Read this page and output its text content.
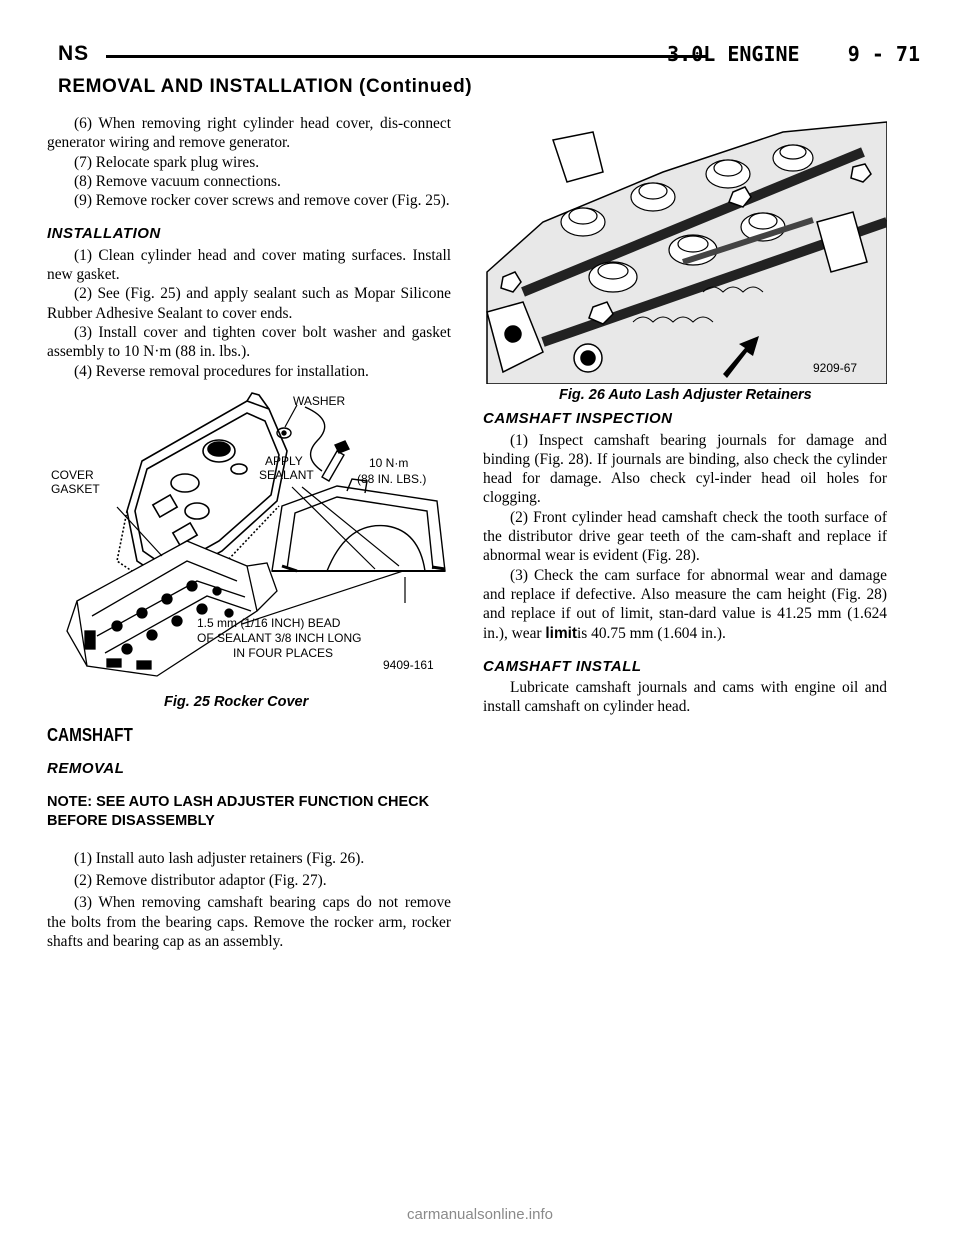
NS	3.0L ENGINE    9 - 71
REMOVAL AND INSTALLATION (Continued)

(6) When removing right cylinder head cover, dis-connect generator wiring and remove generator.

(7) Relocate spark plug wires.

(8) Remove vacuum connections.

(9) Remove rocker cover screws and remove cover (Fig. 25).

INSTALLATION

(1) Clean cylinder head and cover mating surfaces. Install new gasket.

(2) See (Fig. 25) and apply sealant such as Mopar Silicone Rubber Adhesive Sealant to cover ends.

(3) Install cover and tighten cover bolt washer and gasket assembly to 10 N·m (88 in. lbs.).

(4) Reverse removal procedures for installation.

WASHER
COVER
GASKET
10 N·m
(88 IN. LBS.)
APPLY
SEALANT
1.5 mm (1/16 INCH) BEAD
OF SEALANT 3/8 INCH LONG
IN FOUR PLACES
9409-161

Fig. 25 Rocker Cover

CAMSHAFT
REMOVAL
NOTE: SEE AUTO LASH ADJUSTER FUNCTION CHECK BEFORE DISASSEMBLY

(1) Install auto lash adjuster retainers (Fig. 26).

(2) Remove distributor adaptor (Fig. 27).

(3) When removing camshaft bearing caps do not remove the bolts from the bearing caps. Remove the rocker arm, rocker shafts and bearing cap as an assembly.

9209-67

Fig. 26 Auto Lash Adjuster Retainers

CAMSHAFT INSPECTION

(1) Inspect camshaft bearing journals for damage and binding (Fig. 28). If journals are binding, also check the cylinder head for damage. Also check cyl-inder head oil holes for clogging.

(2) Front cylinder head camshaft check the tooth surface of the distributor drive gear teeth of the cam-shaft and replace if abnormal wear is evident (Fig. 28).

(3) Check the cam surface for abnormal wear and damage and replace if defective. Also measure the cam height (Fig. 28) and replace if out of limit, stan-dard value is 41.25 mm (1.624 in.), wear limitis 40.75 mm (1.604 in.).

CAMSHAFT INSTALL

Lubricate camshaft journals and cams with engine oil and install camshaft on cylinder head.

carmanualsonline.info
